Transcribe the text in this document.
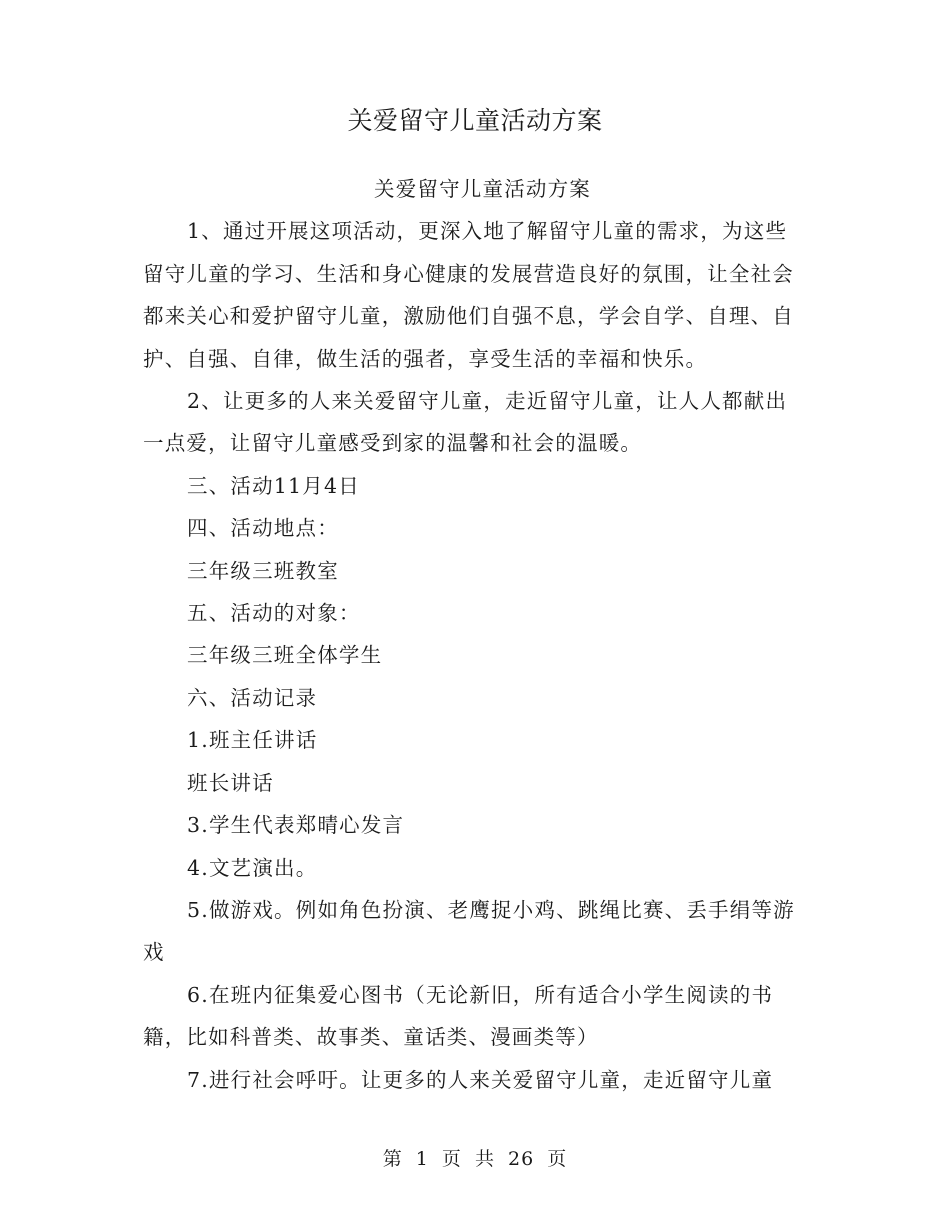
关爱留守儿童活动方案

关爱留守儿童活动方案

1、通过开展这项活动，更深入地了解留守儿童的需求，为这些留守儿童的学习、生活和身心健康的发展营造良好的氛围，让全社会都来关心和爱护留守儿童，激励他们自强不息，学会自学、自理、自护、自强、自律，做生活的强者，享受生活的幸福和快乐。

2、让更多的人来关爱留守儿童，走近留守儿童，让人人都献出一点爱，让留守儿童感受到家的温馨和社会的温暖。

三、活动11月4日

四、活动地点：

三年级三班教室

五、活动的对象：

三年级三班全体学生

六、活动记录

1.班主任讲话

班长讲话

3.学生代表郑晴心发言

4.文艺演出。

5.做游戏。例如角色扮演、老鹰捉小鸡、跳绳比赛、丢手绢等游戏

6.在班内征集爱心图书（无论新旧，所有适合小学生阅读的书籍，比如科普类、故事类、童话类、漫画类等）

7.进行社会呼吁。让更多的人来关爱留守儿童，走近留守儿童

第 1 页 共 26 页
